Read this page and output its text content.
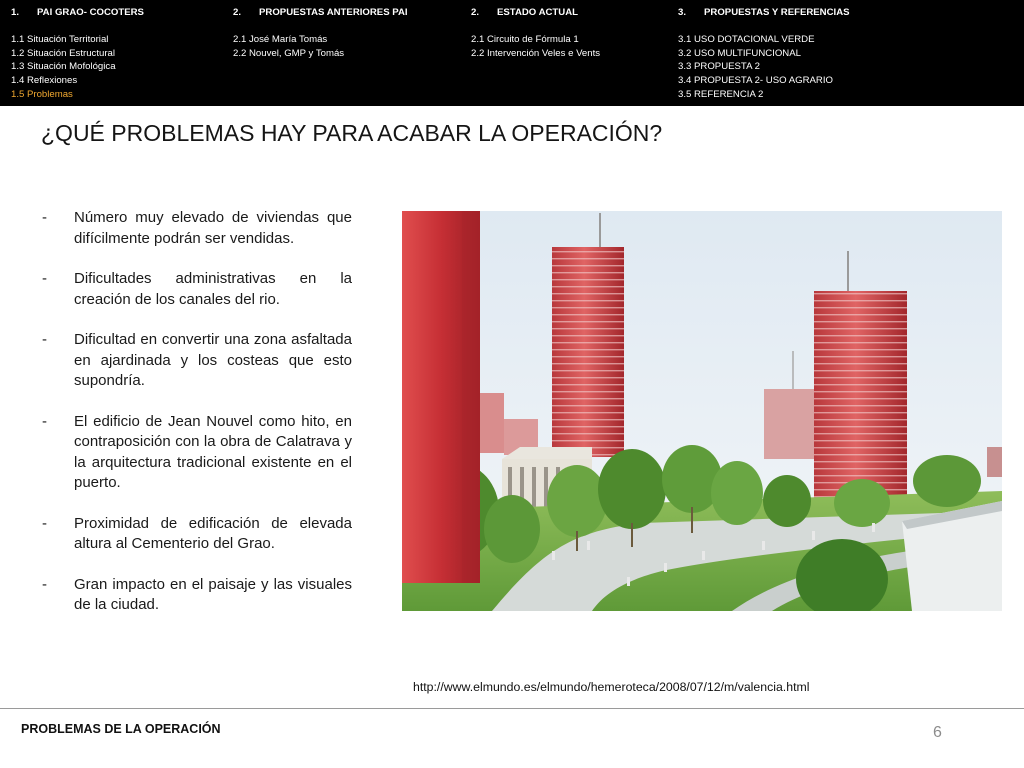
1.	PAI GRAO- COCOTERS
1.1 Situación Territorial
1.2 Situación Estructural
1.3 Situación Mofológica
1.4 Reflexiones
1.5 Problemas
2.	PROPUESTAS ANTERIORES PAI
2.1 José María Tomás
2.2 Nouvel, GMP y Tomás
2.	ESTADO ACTUAL
2.1 Circuito de Fórmula 1
2.2 Intervención Veles e Vents
3.	PROPUESTAS Y REFERENCIAS
3.1 USO DOTACIONAL VERDE
3.2 USO MULTIFUNCIONAL
3.3 PROPUESTA 2
3.4 PROPUESTA 2- USO AGRARIO
3.5 REFERENCIA 2
¿QUÉ PROBLEMAS HAY PARA ACABAR LA OPERACIÓN?
- Número muy elevado de viviendas que difícilmente podrán ser vendidas.
- Dificultades administrativas en la creación de los canales del rio.
- Dificultad en convertir una zona asfaltada en ajardinada y los costeas que esto supondría.
- El edificio de Jean Nouvel como hito, en contraposición con la obra de Calatrava y la arquitectura tradicional existente en el puerto.
- Proximidad de edificación de elevada altura al Cementerio del Grao.
- Gran impacto en el paisaje y las visuales de la ciudad.
http://www.elmundo.es/elmundo/hemeroteca/2008/07/12/m/valencia.html
PROBLEMAS DE LA OPERACIÓN	6
